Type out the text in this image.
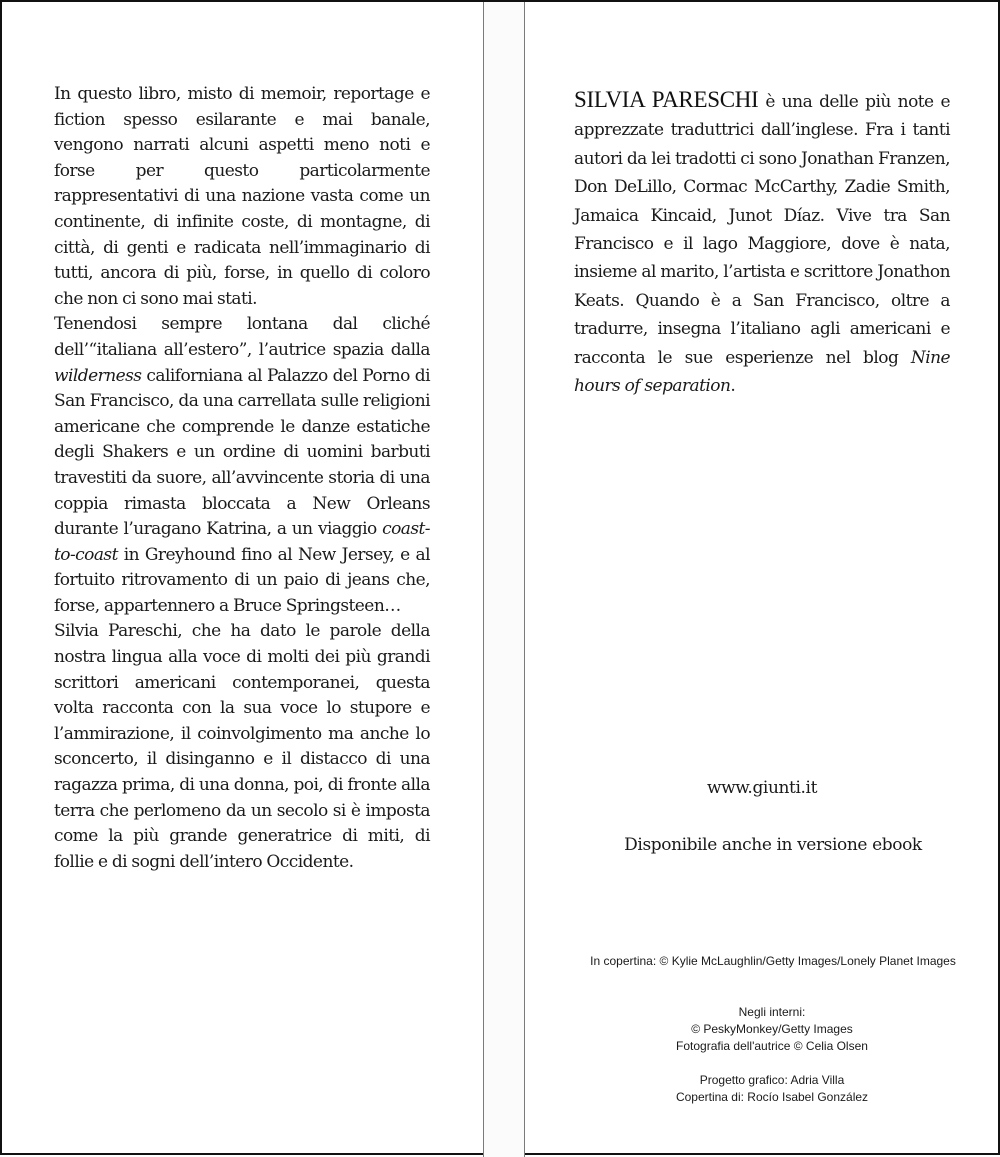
In questo libro, misto di memoir, reportage e fiction spesso esilarante e mai banale, vengono narrati alcuni aspetti meno noti e forse per questo particolarmente rappresentativi di una nazione vasta come un continente, di infinite coste, di montagne, di città, di genti e radicata nell’immaginario di tutti, ancora di più, forse, in quello di coloro che non ci sono mai stati.

Tenendosi sempre lontana dal cliché dell’“italiana all’estero”, l’autrice spazia dalla wilderness californiana al Palazzo del Porno di San Francisco, da una carrellata sulle religioni americane che comprende le danze estatiche degli Shakers e un ordine di uomini barbuti travestiti da suore, all’avvincente storia di una coppia rimasta bloccata a New Orleans durante l’uragano Katrina, a un viaggio coast-to-coast in Greyhound fino al New Jersey, e al fortuito ritrovamento di un paio di jeans che, forse, appartennero a Bruce Springsteen…

Silvia Pareschi, che ha dato le parole della nostra lingua alla voce di molti dei più grandi scrittori americani contemporanei, questa volta racconta con la sua voce lo stupore e l’ammirazione, il coinvolgimento ma anche lo sconcerto, il disinganno e il distacco di una ragazza prima, di una donna, poi, di fronte alla terra che perlomeno da un secolo si è imposta come la più grande generatrice di miti, di follie e di sogni dell’intero Occidente.

SILVIA PARESCHI è una delle più note e apprezzate traduttrici dall’inglese. Fra i tanti autori da lei tradotti ci sono Jonathan Franzen, Don DeLillo, Cormac McCarthy, Zadie Smith, Jamaica Kincaid, Junot Díaz. Vive tra San Francisco e il lago Maggiore, dove è nata, insieme al marito, l’artista e scrittore Jonathon Keats. Quando è a San Francisco, oltre a tradurre, insegna l’italiano agli americani e racconta le sue esperienze nel blog Nine hours of separation.

www.giunti.it
Disponibile anche in versione ebook
In copertina: © Kylie McLaughlin/Getty Images/Lonely Planet Images
Negli interni:
© PeskyMonkey/Getty Images
Fotografia dell'autrice © Celia Olsen
Progetto grafico: Adria Villa
Copertina di: Rocío Isabel González
